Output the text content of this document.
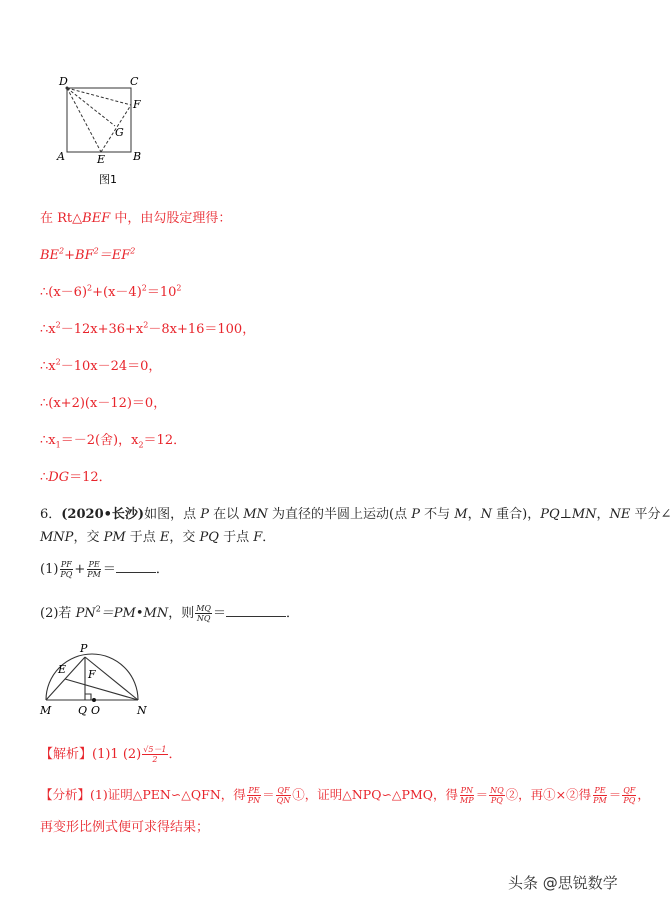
D	C
F
G
A	E	B
图1
在 Rt△BEF 中，由勾股定理得：
$BE^2+BF^2=EF^2$
$\therefore(x-6)^2+(x-4)^2=10^2$
$\therefore x^2-12x+36+x^2-8x+16=100$，
$\therefore x^2-10x-24=0$，
∴(x+2)(x－12)＝0，
$\therefore x_1=-2$(舍)，$x_2=12$．
∴DG＝12．
6．(2020•长沙)如图，点 P 在以 MN 为直径的半圆上运动(点 P 不与 M，N 重合)，PQ⊥MN，NE 平分∠
MNP，交 PM 于点 E，交 PQ 于点 F．
$(1) \frac{PF}{PQ} + \frac{PE}{PM}$ ＝	．
(2)若 $PN^2=PM•MN$，则 $\frac{MQ}{NQ}$ ＝	．
P
E F
M Q O	N
【解析】(1)1 $(2) \frac{√5-1}{2}$ ．
【分析】(1)证明△PEN∽△QFN，得 $\frac{PE}{PN} = \frac{QF}{QN}$ ①，证明△NPQ∽△PMQ，得 $\frac{PN}{MP} = \frac{NQ}{PQ}$ ②，再①×②得 $\frac{PE}{PM} = \frac{QF}{PQ}$ ，
再变形比例式便可求得结果；
头条 @思锐数学
